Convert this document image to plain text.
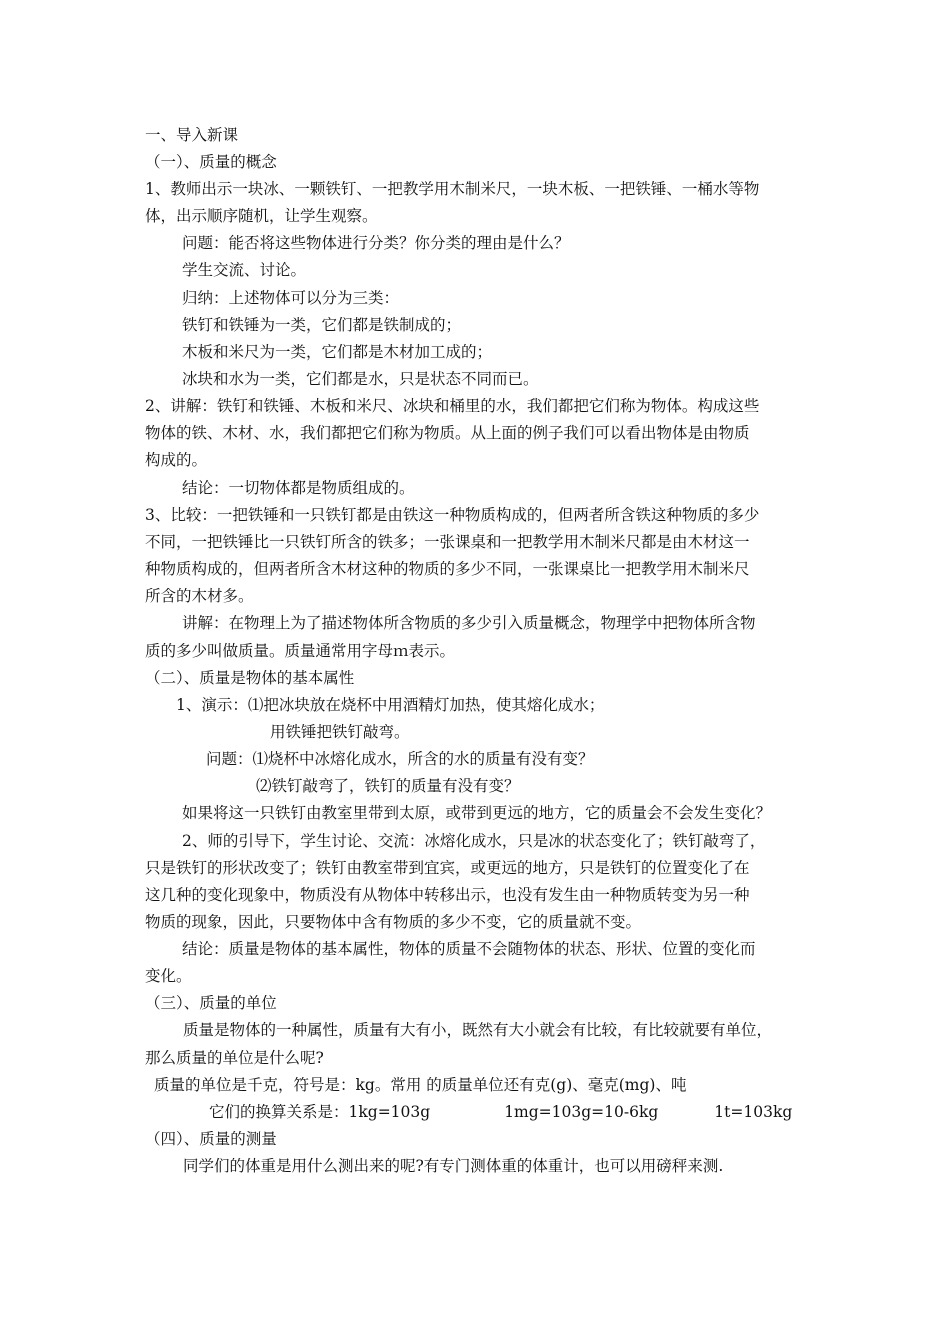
一、导入新课

（一）、质量的概念

1、教师出示一块冰、一颗铁钉、一把教学用木制米尺，一块木板、一把铁锤、一桶水等物

体，出示顺序随机，让学生观察。

问题：能否将这些物体进行分类？你分类的理由是什么？

学生交流、讨论。

归纳：上述物体可以分为三类：

铁钉和铁锤为一类，它们都是铁制成的；

木板和米尺为一类，它们都是木材加工成的；

冰块和水为一类，它们都是水，只是状态不同而已。

2、讲解：铁钉和铁锤、木板和米尺、冰块和桶里的水，我们都把它们称为物体。构成这些

物体的铁、木材、水，我们都把它们称为物质。从上面的例子我们可以看出物体是由物质

构成的。

结论：一切物体都是物质组成的。

3、比较：一把铁锤和一只铁钉都是由铁这一种物质构成的，但两者所含铁这种物质的多少

不同，一把铁锤比一只铁钉所含的铁多；一张课桌和一把教学用木制米尺都是由木材这一

种物质构成的，但两者所含木材这种的物质的多少不同，一张课桌比一把教学用木制米尺

所含的木材多。

讲解：在物理上为了描述物体所含物质的多少引入质量概念，物理学中把物体所含物

质的多少叫做质量。质量通常用字母ｍ表示。

（二）、质量是物体的基本属性

1、演示：⑴把冰块放在烧杯中用酒精灯加热，使其熔化成水；

用铁锤把铁钉敲弯。

问题：⑴烧杯中冰熔化成水，所含的水的质量有没有变？

⑵铁钉敲弯了，铁钉的质量有没有变？

如果将这一只铁钉由教室里带到太原，或带到更远的地方，它的质量会不会发生变化？

2、师的引导下，学生讨论、交流：冰熔化成水，只是冰的状态变化了；铁钉敲弯了，

只是铁钉的形状改变了；铁钉由教室带到宜宾，或更远的地方，只是铁钉的位置变化了在

这几种的变化现象中，物质没有从物体中转移出示，也没有发生由一种物质转变为另一种

物质的现象，因此，只要物体中含有物质的多少不变，它的质量就不变。

结论：质量是物体的基本属性，物体的质量不会随物体的状态、形状、位置的变化而

变化。

（三）、质量的单位

质量是物体的一种属性，质量有大有小，既然有大小就会有比较，有比较就要有单位，

那么质量的单位是什么呢?

质量的单位是千克，符号是：kg。常用 的质量单位还有克(g)、毫克(mg)、吨

它们的换算关系是：1kg=103g	1mg=103g=10-6kg	1t=103kg

（四）、质量的测量

同学们的体重是用什么测出来的呢?有专门测体重的体重计，也可以用磅秤来测.
